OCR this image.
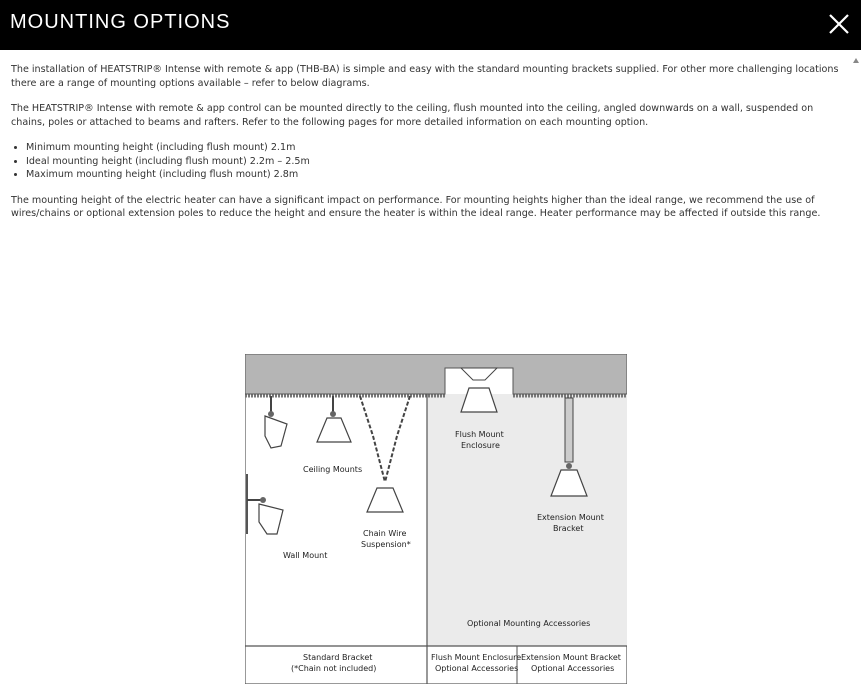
MOUNTING OPTIONS

The installation of HEATSTRIP® Intense with remote & app (THB-BA) is simple and easy with the standard mounting brackets supplied. For other more challenging locations there are a range of mounting options available – refer to below diagrams.

The HEATSTRIP® Intense with remote & app control can be mounted directly to the ceiling, flush mounted into the ceiling, angled downwards on a wall, suspended on chains, poles or attached to beams and rafters. Refer to the following pages for more detailed information on each mounting option.

• Minimum mounting height (including flush mount) 2.1m
• Ideal mounting height (including flush mount) 2.2m – 2.5m
• Maximum mounting height (including flush mount) 2.8m

The mounting height of the electric heater can have a significant impact on performance. For mounting heights higher than the ideal range, we recommend the use of wires/chains or optional extension poles to reduce the height and ensure the heater is within the ideal range. Heater performance may be affected if outside this range.

Ceiling Mounts
Wall Mount
Chain Wire
Suspension*
Flush Mount
Enclosure
Extension Mount
Bracket
Optional Mounting Accessories
Standard Bracket
(*Chain not included)
Flush Mount Enclosure
Optional Accessories
Extension Mount Bracket
Optional Accessories
